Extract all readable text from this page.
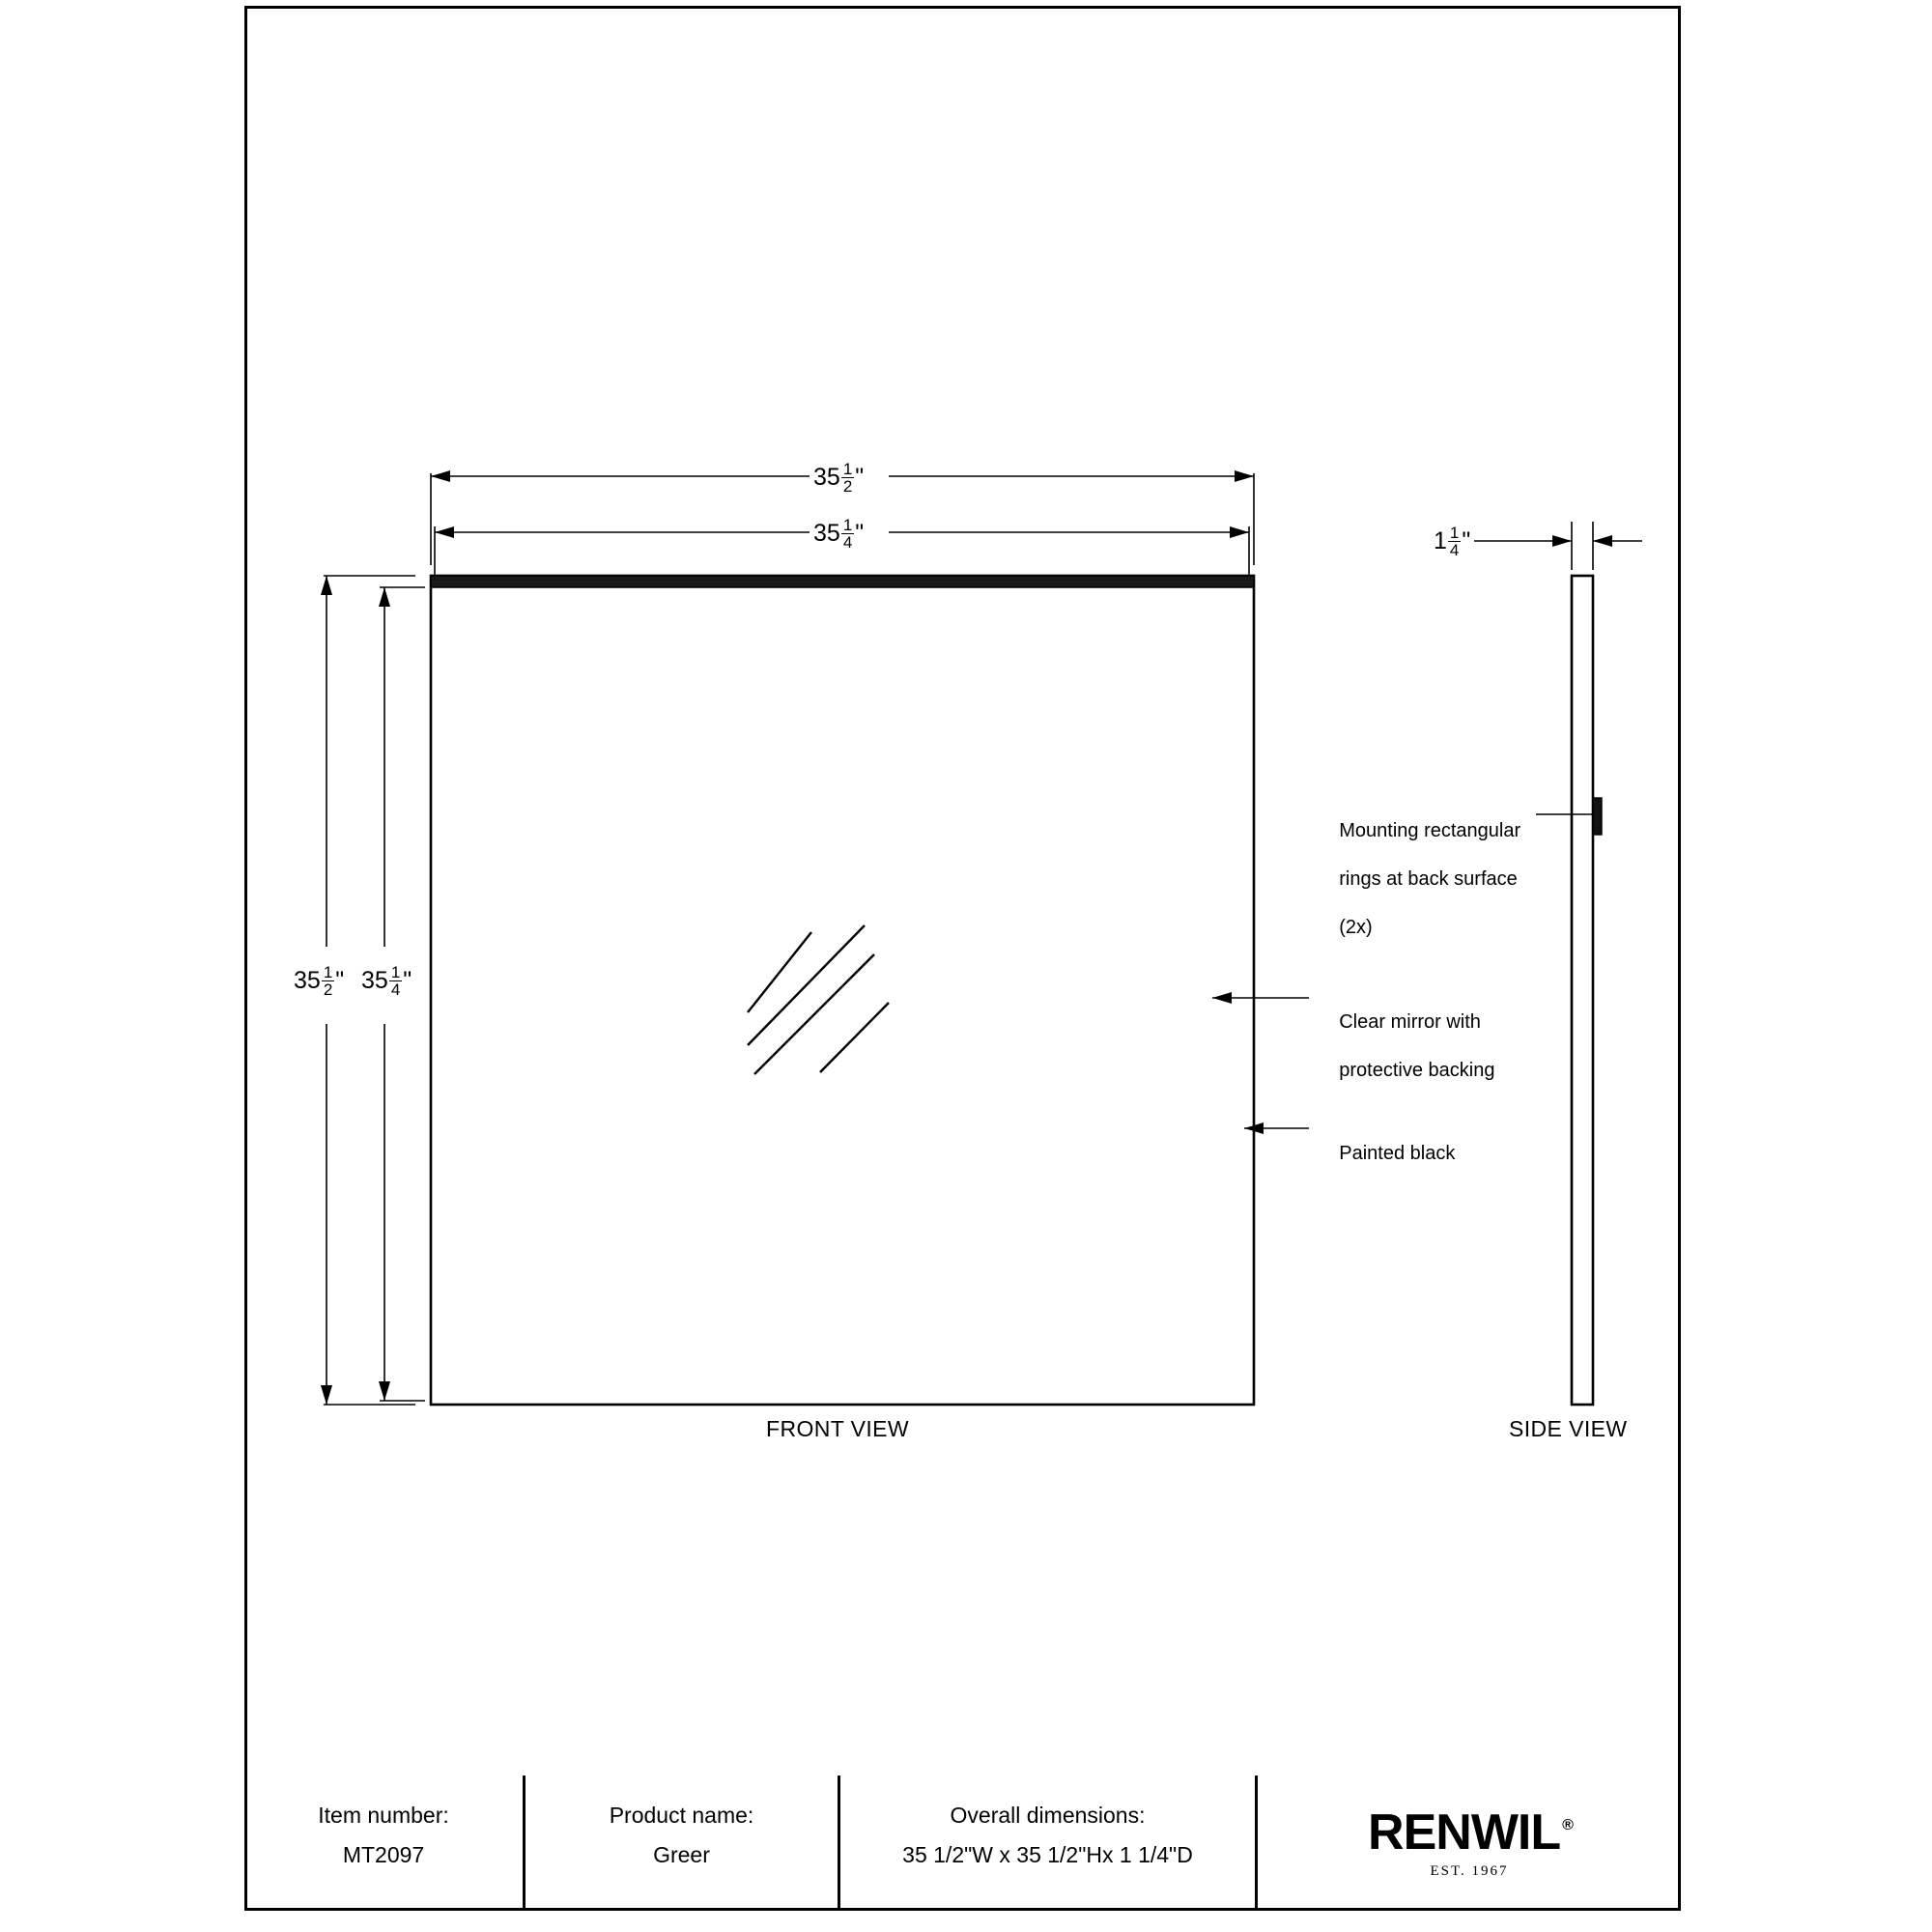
$35 \frac{1}{2}$ "
$35 \frac{1}{4}$ "
$35 \frac{1}{2}$ " $35 \frac{1}{4}$ "
$1 \frac{1}{4}$ "

Mounting rectangular

rings at back surface

(2x)

Clear mirror with

protective backing

Painted black

FRONT VIEW	SIDE VIEW
Item number:
MT2097
Product name:
Greer
Overall dimensions:
35 1/2"W x 35 1/2"Hx 1 1/4"D	RENWIL ®
EST. 1967
